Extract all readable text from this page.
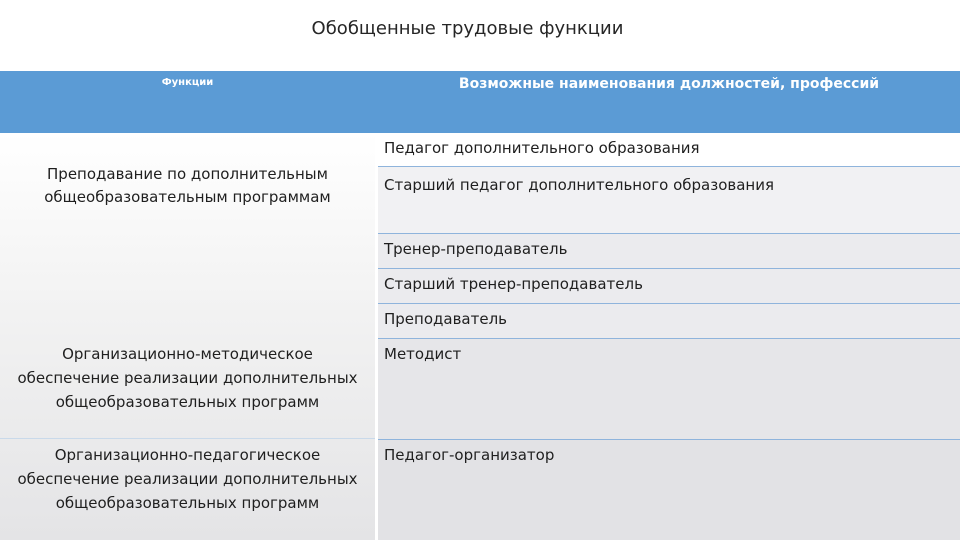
Обобщенные трудовые функции
Функции	Возможные наименования должностей, профессий
Педагог дополнительного образования
Старший педагог дополнительного образования
Тренер-преподаватель
Старший тренер-преподаватель
Преподаватель
Методист
Педагог-организатор
Преподавание по дополнительным
общеобразовательным программам
Организационно-методическое
обеспечение реализации дополнительных
общеобразовательных программ
Организационно-педагогическое
обеспечение реализации дополнительных
общеобразовательных программ
